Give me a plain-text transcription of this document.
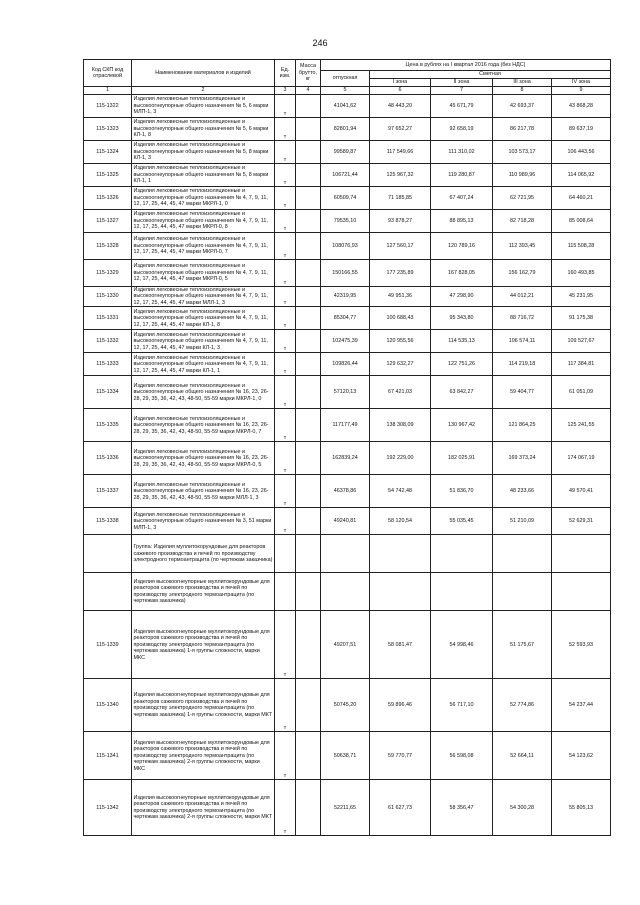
246
Код СКП код отраслевой	Наименование материалов и изделий	Ед. изм.	Масса брутто, кг	Цена в рублях на I квартал 2016 года (без НДС)				
				отпускная	Сметная			
					I зона	II зона	III зона	IV зона
1	2	3	4	5	6	7	8	9
115-1322	Изделия легковесные теплоизоляционные и высокоогнеупорные общего назначения № 5, 6 марки МЛП-1, 3	т		41041,62	48 443,20	45 671,79	42 693,37	43 868,28
115-1323	Изделия легковесные теплоизоляционные и высокоогнеупорные общего назначения № 5, 6 марки КЛ-1, 8	т		82801,94	97 652,27	92 658,19	86 217,78	89 637,19
115-1324	Изделия легковесные теплоизоляционные и высокоогнеупорные общего назначения № 5, 8 марки КЛ-1, 3	т		99589,87	117 549,66	111 310,02	103 573,17	106 443,56
115-1325	Изделия легковесные теплоизоляционные и высокоогнеупорные общего назначения № 5, 8 марки КЛ-1, 1	т		106721,44	125 967,32	119 280,87	110 989,96	114 065,92
115-1326	Изделия легковесные теплоизоляционные и высокоогнеупорные общего назначения № 4, 7, 9, 11, 12, 17, 25, 44, 45, 47 марки МКРЛ-1, 0	т		60509,74	71 185,85	67 407,24	62 721,95	64 460,21
115-1327	Изделия легковесные теплоизоляционные и высокоогнеупорные общего назначения № 4, 7, 9, 11, 12, 17, 25, 44, 45, 47 марки МКРЛ-0, 8	т		79535,10	93 878,27	88 895,13	82 718,28	85 008,64
115-1328	Изделия легковесные теплоизоляционные и высокоогнеупорные общего назначения № 4, 7, 9, 11, 12, 17, 25, 44, 45, 47 марки МКРЛ-0, 7	т		108076,93	127 560,17	120 789,16	112 393,45	115 508,28
115-1329	Изделия легковесные теплоизоляционные и высокоогнеупорные общего назначения № 4, 7, 9, 11, 12, 17, 25, 44, 45, 47 марки МКРЛ-0, 5	т		150166,55	177 235,89	167 828,05	156 162,79	160 493,85
115-1330	Изделия легковесные теплоизоляционные и высокоогнеупорные общего назначения № 4, 7, 9, 11, 12, 17, 25, 44, 45, 47 марки МЛЛ-1, 3	т		42319,95	49 951,36	47 298,90	44 012,21	45 231,95
115-1331	Изделия легковесные теплоизоляционные и высокоогнеупорные общего назначения № 4, 7, 9, 11, 12, 17, 25, 44, 45, 47 марки КЛ-1, 8	т		85304,77	100 688,43	95 343,80	88 716,72	91 175,38
115-1332	Изделия легковесные теплоизоляционные и высокоогнеупорные общего назначения № 4, 7, 9, 11, 12, 17, 25, 44, 45, 47 марки КЛ-1, 3	т		102475,39	120 955,56	114 535,13	106 574,11	109 527,67
115-1333	Изделия легковесные теплоизоляционные и высокоогнеупорные общего назначения № 4, 7, 9, 11, 12, 17, 25, 44, 45, 47 марки КЛ-1, 1	т		109826,44	129 632,27	122 751,26	114 219,18	117 384,81
115-1334	Изделия легковесные теплоизоляционные и высокоогнеупорные общего назначения № 16, 23, 26-28, 29, 35, 36, 42, 43, 48-50, 55-59 марки МКРЛ-1, 0	т		57120,13	67 421,03	63 842,27	59 404,77	61 051,09
115-1335	Изделия легковесные теплоизоляционные и высокоогнеупорные общего назначения № 16, 23, 26-28, 29, 35, 36, 42, 43, 48-50, 55-59 марки МКРЛ-0, 7	т		117177,49	138 308,09	130 967,42	121 864,25	125 241,55
115-1336	Изделия легковесные теплоизоляционные и высокоогнеупорные общего назначения № 16, 23, 26-28, 29, 35, 36, 42, 43, 48-50, 55-59 марки МКРЛ-0, 5	т		162839,24	192 229,00	182 025,91	169 373,24	174 067,19
115-1337	Изделия легковесные теплоизоляционные и высокоогнеупорные общего назначения № 16, 23, 26-28, 29, 35, 36, 42, 43, 48-50, 55-59 марки МЛЛ-1, 3	т		46378,86	54 742,48	51 836,70	48 233,66	49 570,41
115-1338	Изделия легковесные теплоизоляционные и высокоогнеупорные общего назначения № 3, 51 марки МЛП-1, 3	т		49240,81	58 120,54	55 035,45	51 210,09	52 629,31
	Группа: Изделия муллитокорундовые для реакторов сажевого производства и печей по производству электродного термоантрацита (по чертежам заказчика)							
	Изделия высокоогнеупорные муллитокорундовые для реакторов сажевого производства и печей по производству электродного термоантрацита (по чертежам заказчика)							
115-1339	Изделия высокоогнеупорные муллитокорундовые для реакторов сажевого производства и печей по производству электродного термоантрацита (по чертежам заказчика) 1-я группы сложности, марки МКС	т		49207,51	58 081,47	54 998,46	51 175,67	52 593,93
115-1340	Изделия высокоогнеупорные муллитокорундовые для реакторов сажевого производства и печей по производству электродного термоантрацита (по чертежам заказчика) 1-я группы сложности, марки МКТ	т		50745,20	59 896,46	56 717,10	52 774,86	54 237,44
115-1341	Изделия высокоогнеупорные муллитокорундовые для реакторов сажевого производства и печей по производству электродного термоантрацита (по чертежам заказчика) 2-я группы сложности, марки МКС	т		50638,71	59 770,77	56 598,08	52 664,11	54 123,62
115-1342	Изделия высокоогнеупорные муллитокорундовые для реакторов сажевого производства и печей по производству электродного термоантрацита (по чертежам заказчика) 2-я группы сложности, марки МКТ	т		52211,65	61 627,73	58 356,47	54 300,28	55 805,13
